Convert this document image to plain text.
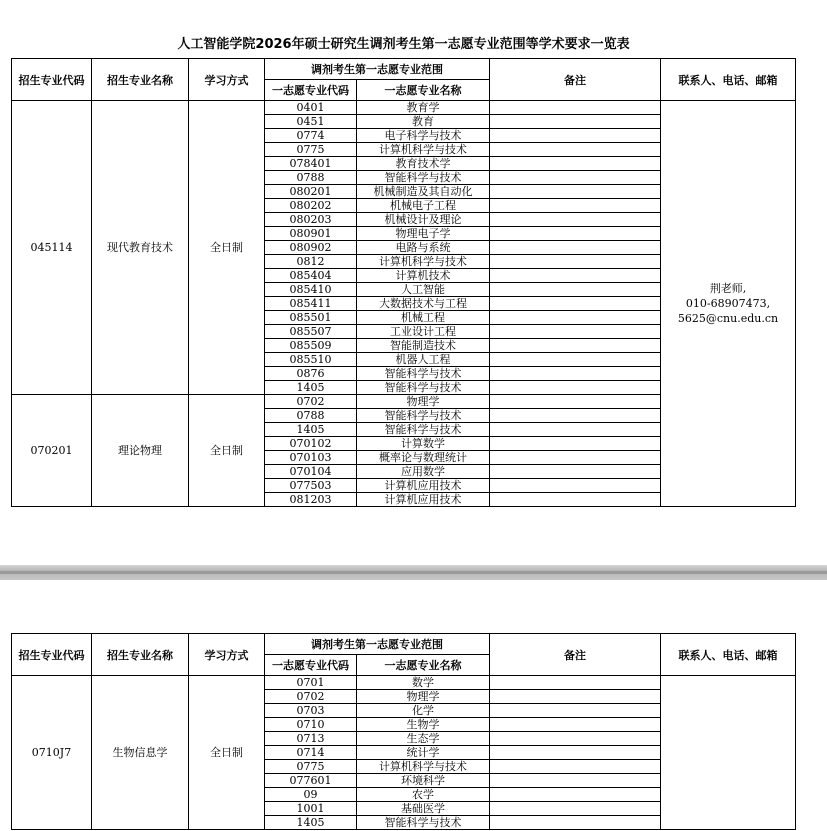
人工智能学院2026年硕士研究生调剂考生第一志愿专业范围等学术要求一览表
招生专业代码	招生专业名称	学习方式	调剂考生第一志愿专业范围		备注	联系人、电话、邮箱
			一志愿专业代码	一志愿专业名称		
045114	现代教育技术	全日制	0401	教育学		荆老师,
010-68907473,
5625@cnu.edu.cn

			0451	教育		
			0774	电子科学与技术		
			0775	计算机科学与技术		
			078401	教育技术学		
			0788	智能科学与技术		
			080201	机械制造及其自动化		
			080202	机械电子工程		
			080203	机械设计及理论		
			080901	物理电子学		
			080902	电路与系统		
			0812	计算机科学与技术		
			085404	计算机技术		
			085410	人工智能		
			085411	大数据技术与工程		
			085501	机械工程		
			085507	工业设计工程		
			085509	智能制造技术		
			085510	机器人工程		
			0876	智能科学与技术		
			1405	智能科学与技术		
070201	理论物理	全日制	0702	物理学		
			0788	智能科学与技术		
			1405	智能科学与技术		
			070102	计算数学		
			070103	概率论与数理统计		
			070104	应用数学		
			077503	计算机应用技术		
			081203	计算机应用技术		
招生专业代码	招生专业名称	学习方式	调剂考生第一志愿专业范围		备注	联系人、电话、邮箱
			一志愿专业代码	一志愿专业名称		
0710J7	生物信息学	全日制	0701	数学		
			0702	物理学		
			0703	化学		
			0710	生物学		
			0713	生态学		
			0714	统计学		
			0775	计算机科学与技术		
			077601	环境科学		
			09	农学		
			1001	基础医学		
			1405	智能科学与技术		
